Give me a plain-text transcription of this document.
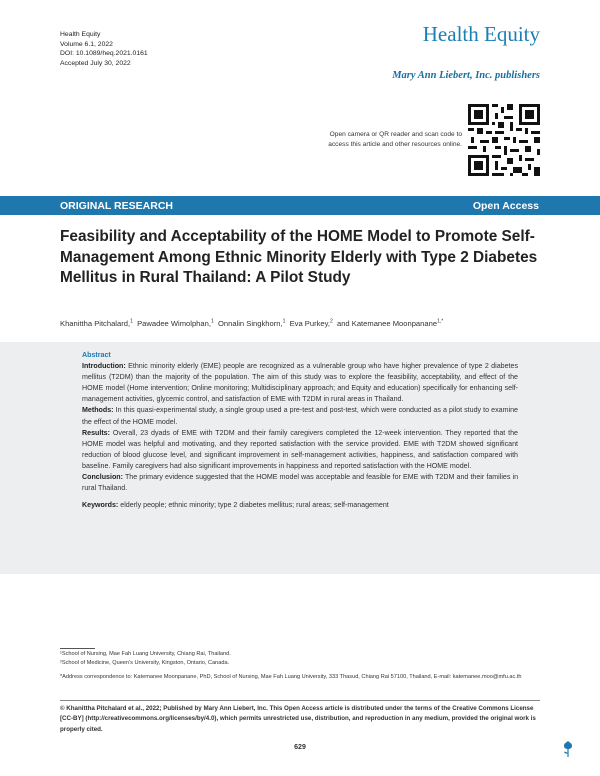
Health Equity
Volume 6.1, 2022
DOI: 10.1089/heq.2021.0161
Accepted July 30, 2022
Health Equity
Mary Ann Liebert, Inc. publishers
Open camera or QR reader and scan code to access this article and other resources online.
ORIGINAL RESEARCH	Open Access
Feasibility and Acceptability of the HOME Model to Promote Self-Management Among Ethnic Minority Elderly with Type 2 Diabetes Mellitus in Rural Thailand: A Pilot Study
Khanittha Pitchalard,$^1$ Pawadee Wimolphan,$^1$ Onnalin Singkhorn,$^1$ Eva Purkey,$^2$ and Katemanee Moonpanane$^{1,*}$

Abstract

Introduction: Ethnic minority elderly (EME) people are recognized as a vulnerable group who have higher prevalence of type 2 diabetes mellitus (T2DM) than the majority of the population. The aim of this study was to explore the feasibility, acceptability, and effect of the HOME model (Home intervention; Online monitoring; Multidisciplinary approach; and Equity and education) specifically for enhancing self-management activities, glycemic control, and satisfaction of EME with T2DM in rural areas in Thailand.

Methods: In this quasi-experimental study, a single group used a pre-test and post-test, which were conducted as a pilot study to examine the effect of the HOME model.

Results: Overall, 23 dyads of EME with T2DM and their family caregivers completed the 12-week intervention. They reported that the HOME model was helpful and motivating, and they reported satisfaction with the service provided. EME with T2DM showed significant reduction of blood glucose level, and significant improvement in self-management activities, happiness, and satisfaction compared with baseline. Family caregivers had also significant improvements in happiness and reported satisfaction with the HOME model.

Conclusion: The primary evidence suggested that the HOME model was acceptable and feasible for EME with T2DM and their families in rural Thailand.

Keywords: elderly people; ethnic minority; type 2 diabetes mellitus; rural areas; self-management

¹School of Nursing, Mae Fah Luang University, Chiang Rai, Thailand.
²School of Medicine, Queen's University, Kingston, Ontario, Canada.
*Address correspondence to: Katemanee Moonpanane, PhD, School of Nursing, Mae Fah Luang University, 333 Thasud, Chiang Rai 57100, Thailand, E-mail: katemanee.moo@mfu.ac.th
© Khanittha Pitchalard et al., 2022; Published by Mary Ann Liebert, Inc. This Open Access article is distributed under the terms of the Creative Commons License [CC-BY] (http://creativecommons.org/licenses/by/4.0), which permits unrestricted use, distribution, and reproduction in any medium, provided the original work is properly cited.
629
